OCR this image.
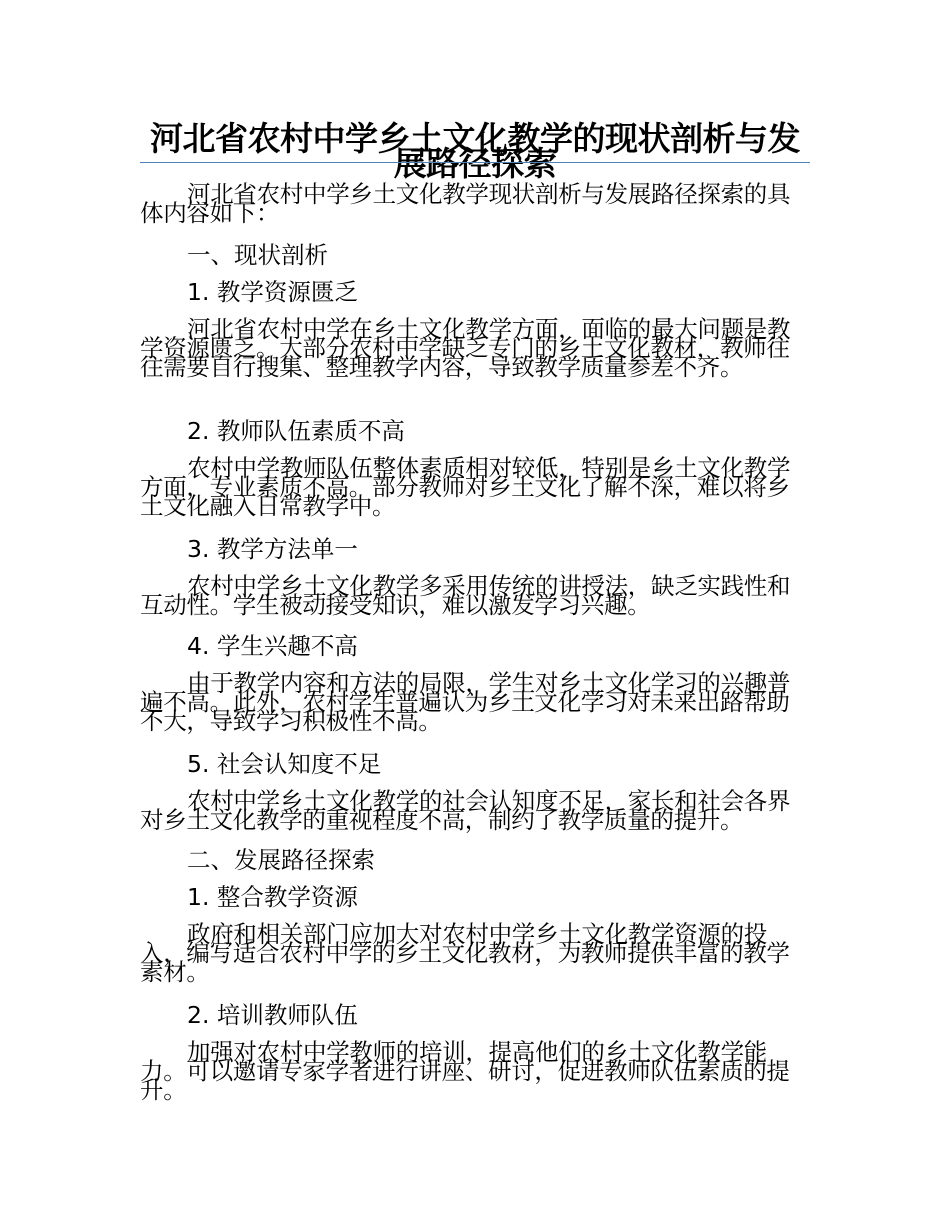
河北省农村中学乡土文化教学的现状剖析与发展路径探索

河北省农村中学乡土文化教学现状剖析与发展路径探索的具体内容如下：

一、现状剖析

1. 教学资源匮乏

河北省农村中学在乡土文化教学方面，面临的最大问题是教学资源匮乏。大部分农村中学缺乏专门的乡土文化教材，教师往往需要自行搜集、整理教学内容，导致教学质量参差不齐。

2. 教师队伍素质不高

农村中学教师队伍整体素质相对较低，特别是乡土文化教学方面，专业素质不高。部分教师对乡土文化了解不深，难以将乡土文化融入日常教学中。

3. 教学方法单一

农村中学乡土文化教学多采用传统的讲授法，缺乏实践性和互动性。学生被动接受知识，难以激发学习兴趣。

4. 学生兴趣不高

由于教学内容和方法的局限，学生对乡土文化学习的兴趣普遍不高。此外，农村学生普遍认为乡土文化学习对未来出路帮助不大，导致学习积极性不高。

5. 社会认知度不足

农村中学乡土文化教学的社会认知度不足，家长和社会各界对乡土文化教学的重视程度不高，制约了教学质量的提升。

二、发展路径探索

1. 整合教学资源

政府和相关部门应加大对农村中学乡土文化教学资源的投入，编写适合农村中学的乡土文化教材，为教师提供丰富的教学素材。

2. 培训教师队伍

加强对农村中学教师的培训，提高他们的乡土文化教学能力。可以邀请专家学者进行讲座、研讨，促进教师队伍素质的提升。
